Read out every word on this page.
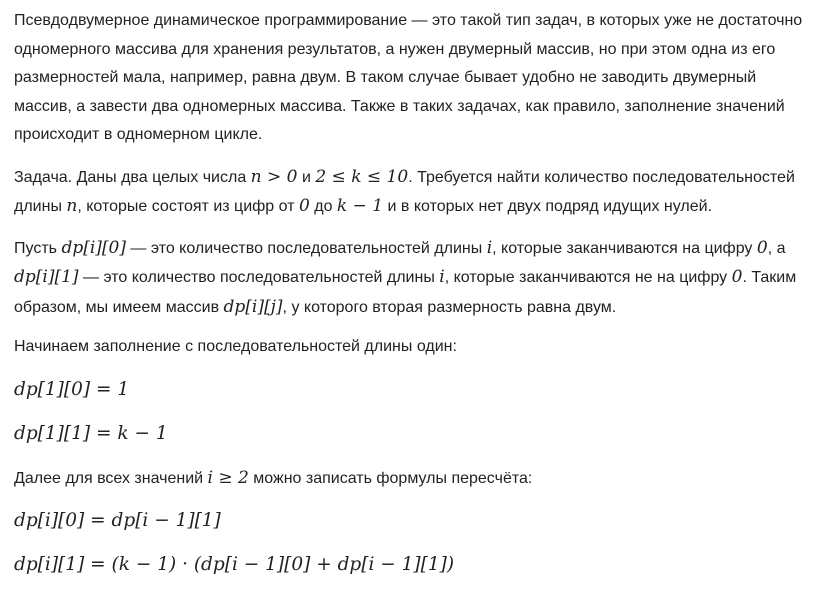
Псевдодвумерное динамическое программирование — это такой тип задач, в которых уже не достаточно одномерного массива для хранения результатов, а нужен двумерный массив, но при этом одна из его размерностей мала, например, равна двум. В таком случае бывает удобно не заводить двумерный массив, а завести два одномерных массива. Также в таких задачах, как правило, заполнение значений происходит в одномерном цикле.

Задача. Даны два целых числа n > 0 и 2 ≤ k ≤ 10. Требуется найти количество последовательностей длины n, которые состоят из цифр от 0 до k − 1 и в которых нет двух подряд идущих нулей.

Пусть dp[i][0] — это количество последовательностей длины i, которые заканчиваются на цифру 0, а dp[i][1] — это количество последовательностей длины i, которые заканчиваются не на цифру 0. Таким образом, мы имеем массив dp[i][j], у которого вторая размерность равна двум.

Начинаем заполнение с последовательностей длины один:

dp[1][0] = 1
dp[1][1] = k − 1

Далее для всех значений i ≥ 2 можно записать формулы пересчёта:

dp[i][0] = dp[i − 1][1]
dp[i][1] = (k − 1) · (dp[i − 1][0] + dp[i − 1][1])
